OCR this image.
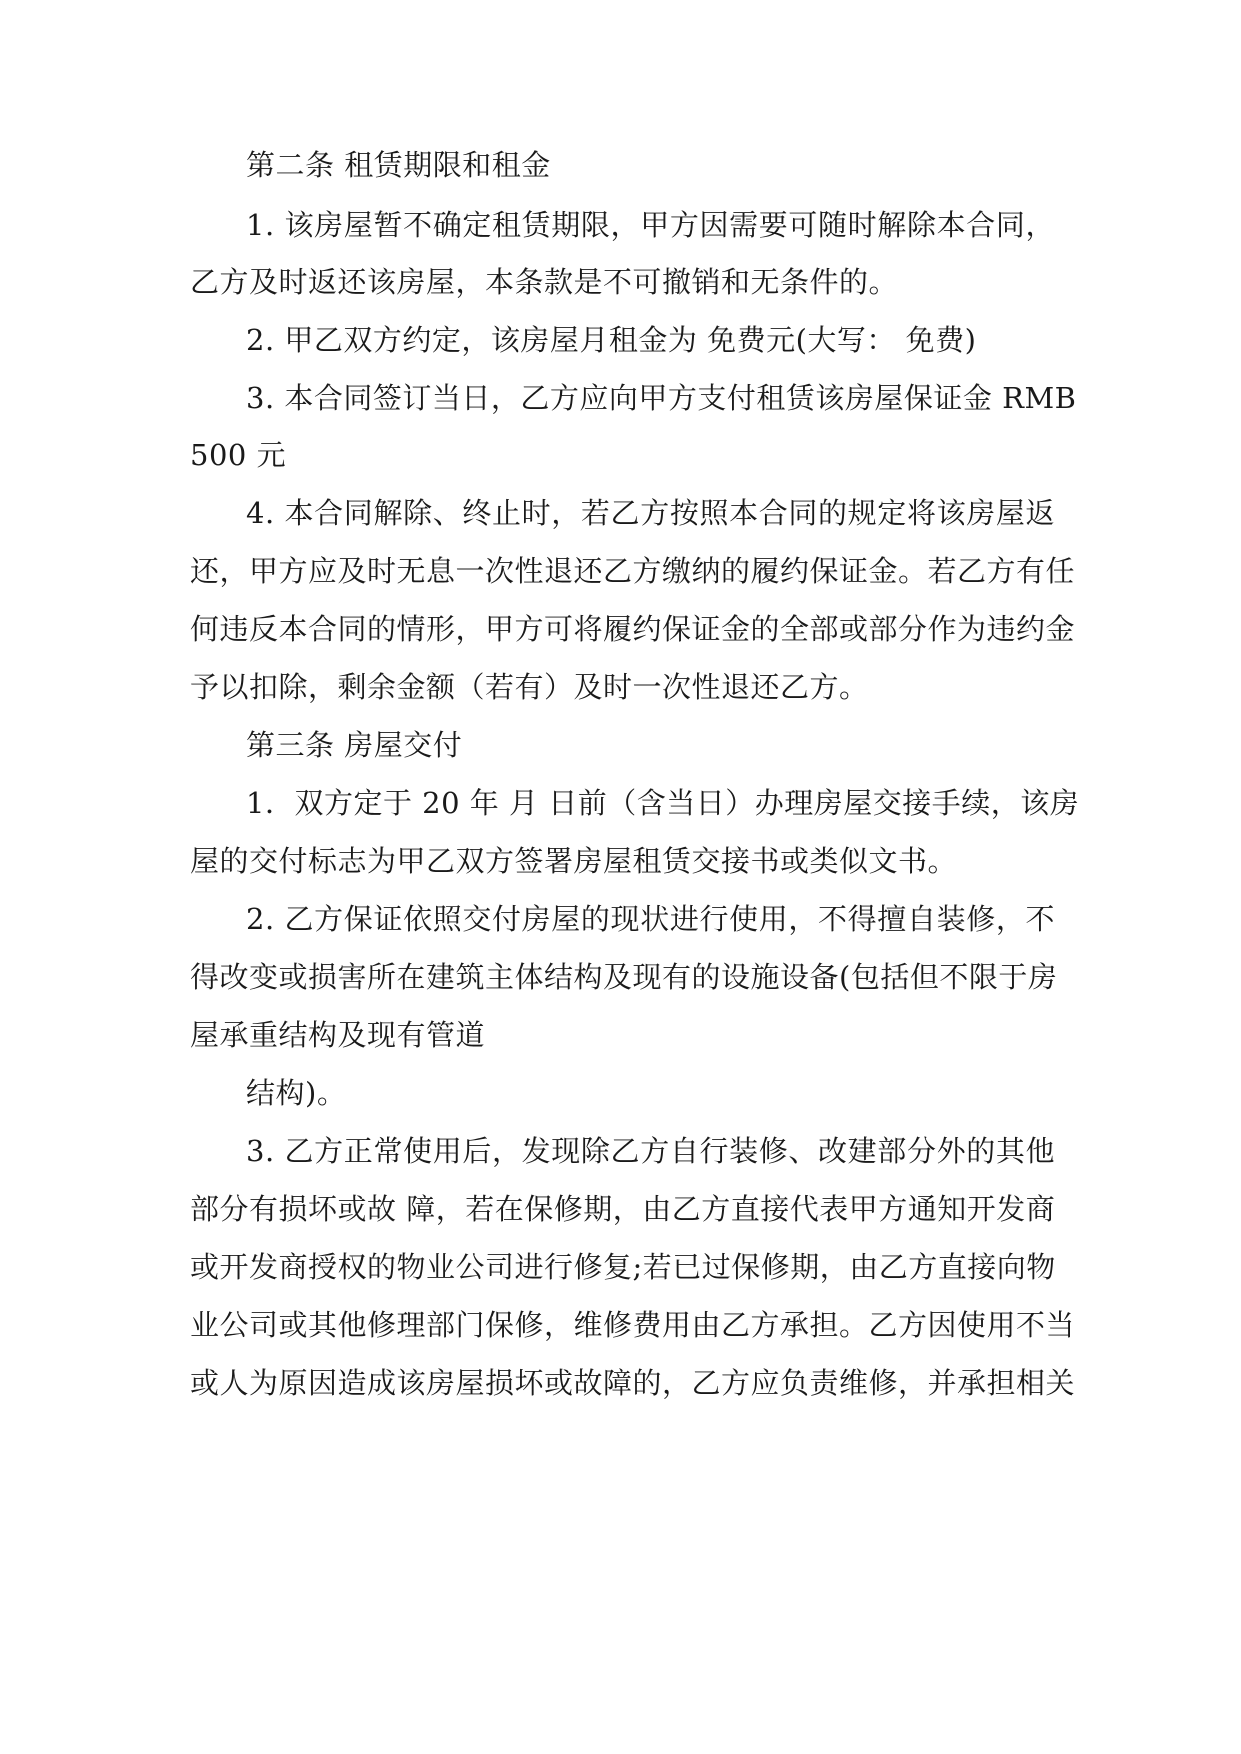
第二条 租赁期限和租金
1. 该房屋暂不确定租赁期限，甲方因需要可随时解除本合同，
乙方及时返还该房屋，本条款是不可撤销和无条件的。
2. 甲乙双方约定，该房屋月租金为 免费元(大写： 免费)
3. 本合同签订当日，乙方应向甲方支付租赁该房屋保证金 RMB
500 元
4. 本合同解除、终止时，若乙方按照本合同的规定将该房屋返
还，甲方应及时无息一次性退还乙方缴纳的履约保证金。若乙方有任
何违反本合同的情形，甲方可将履约保证金的全部或部分作为违约金
予以扣除，剩余金额（若有）及时一次性退还乙方。
第三条 房屋交付
1．双方定于 20 年 月 日前（含当日）办理房屋交接手续，该房
屋的交付标志为甲乙双方签署房屋租赁交接书或类似文书。
2. 乙方保证依照交付房屋的现状进行使用，不得擅自装修，不
得改变或损害所在建筑主体结构及现有的设施设备(包括但不限于房
屋承重结构及现有管道
结构)。
3. 乙方正常使用后，发现除乙方自行装修、改建部分外的其他
部分有损坏或故 障，若在保修期，由乙方直接代表甲方通知开发商
或开发商授权的物业公司进行修复;若已过保修期，由乙方直接向物
业公司或其他修理部门保修，维修费用由乙方承担。乙方因使用不当
或人为原因造成该房屋损坏或故障的，乙方应负责维修，并承担相关
